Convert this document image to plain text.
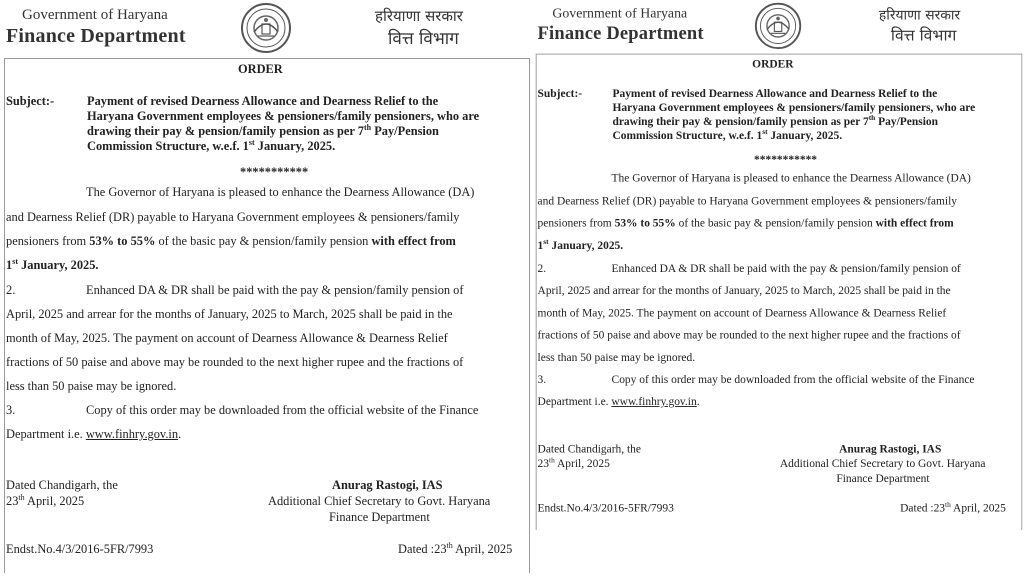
Government of Haryana
Finance Department
हरियाणा सरकार
वित्त विभाग
ORDER
Subject:-	Payment of revised Dearness Allowance and Dearness Relief to the
Haryana Government employees & pensioners/family pensioners, who are
drawing their pay & pension/family pension as per 7th Pay/Pension
Commission Structure, w.e.f. 1st January, 2025.
***********
The Governor of Haryana is pleased to enhance the Dearness Allowance (DA)
and Dearness Relief (DR) payable to Haryana Government employees & pensioners/family
pensioners from 53% to 55% of the basic pay & pension/family pension with effect from
1st January, 2025.
2.	Enhanced DA & DR shall be paid with the pay & pension/family pension of
April, 2025 and arrear for the months of January, 2025 to March, 2025 shall be paid in the
month of May, 2025. The payment on account of Dearness Allowance & Dearness Relief
fractions of 50 paise and above may be rounded to the next higher rupee and the fractions of
less than 50 paise may be ignored.
3.	Copy of this order may be downloaded from the official website of the Finance
Department i.e. www.finhry.gov.in.
Dated Chandigarh, the
23th April, 2025
Anurag Rastogi, IAS
Additional Chief Secretary to Govt. Haryana
Finance Department
Endst.No.4/3/2016-5FR/7993	Dated :23th April, 2025
Government of Haryana
Finance Department
हरियाणा सरकार
वित्त विभाग
ORDER
Subject:- Payment of revised Dearness Allowance and Dearness Relief to the
Haryana Government employees & pensioners/family pensioners, who are
drawing their pay & pension/family pension as per 7th Pay/Pension
Commission Structure, w.e.f. 1st January, 2025.
***********
The Governor of Haryana is pleased to enhance the Dearness Allowance (DA)
and Dearness Relief (DR) payable to Haryana Government employees & pensioners/family
pensioners from 53% to 55% of the basic pay & pension/family pension with effect from
1st January, 2025.
2.	Enhanced DA & DR shall be paid with the pay & pension/family pension of
April, 2025 and arrear for the months of January, 2025 to March, 2025 shall be paid in the
month of May, 2025. The payment on account of Dearness Allowance & Dearness Relief
fractions of 50 paise and above may be rounded to the next higher rupee and the fractions of
less than 50 paise may be ignored.
3.	Copy of this order may be downloaded from the official website of the Finance
Department i.e. www.finhry.gov.in.
Dated Chandigarh, the
23th April, 2025
Anurag Rastogi, IAS
Additional Chief Secretary to Govt. Haryana
Finance Department
Endst.No.4/3/2016-5FR/7993	Dated :23th April, 2025
